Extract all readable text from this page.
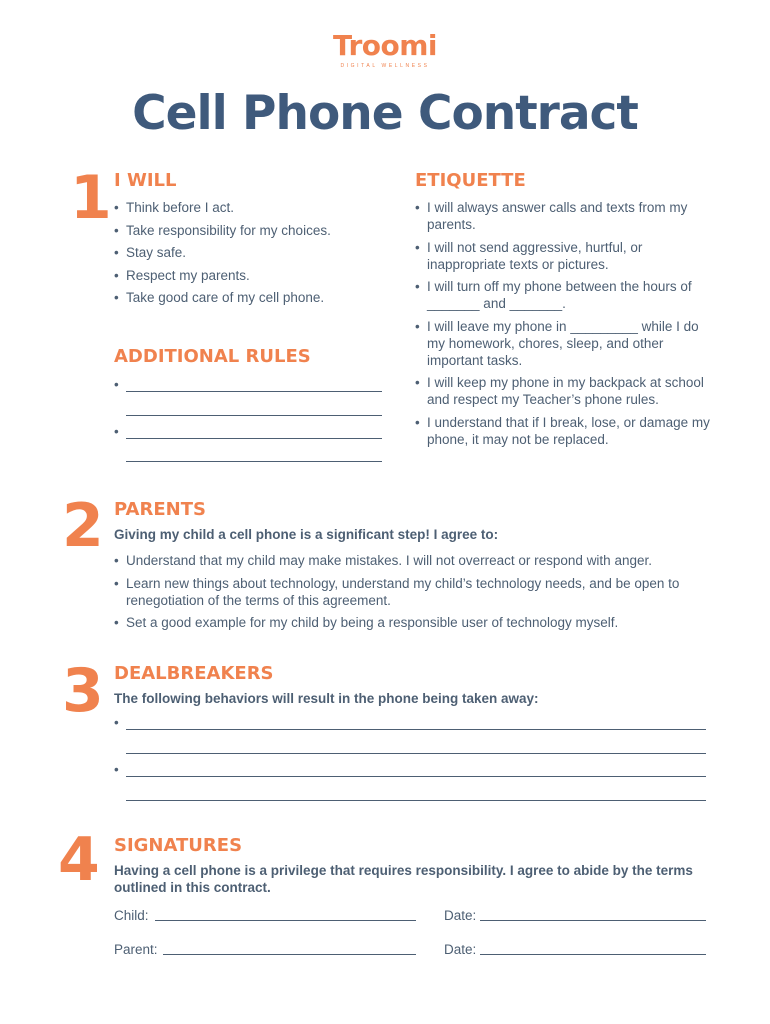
Troomi
DIGITAL WELLNESS
Cell Phone Contract
1 I WILL
• Think before I act.
• Take responsibility for my choices.
• Stay safe.
• Respect my parents.
• Take good care of my cell phone.
ADDITIONAL RULES
•
•
ETIQUETTE
• I will always answer calls and texts from my parents.
• I will not send aggressive, hurtful, or inappropriate texts or pictures.
• I will turn off my phone between the hours of _______ and _______.
• I will leave my phone in _________ while I do my homework, chores, sleep, and other important tasks.
• I will keep my phone in my backpack at school and respect my Teacher’s phone rules.
• I understand that if I break, lose, or damage my phone, it may not be replaced.
2 PARENTS
Giving my child a cell phone is a significant step! I agree to:
• Understand that my child may make mistakes. I will not overreact or respond with anger.
• Learn new things about technology, understand my child’s technology needs, and be open to renegotiation of the terms of this agreement.
• Set a good example for my child by being a responsible user of technology myself.
3 DEALBREAKERS
The following behaviors will result in the phone being taken away:
•
•
4 SIGNATURES
Having a cell phone is a privilege that requires responsibility. I agree to abide by the terms outlined in this contract.
Child:	Date:
Parent:	Date:
